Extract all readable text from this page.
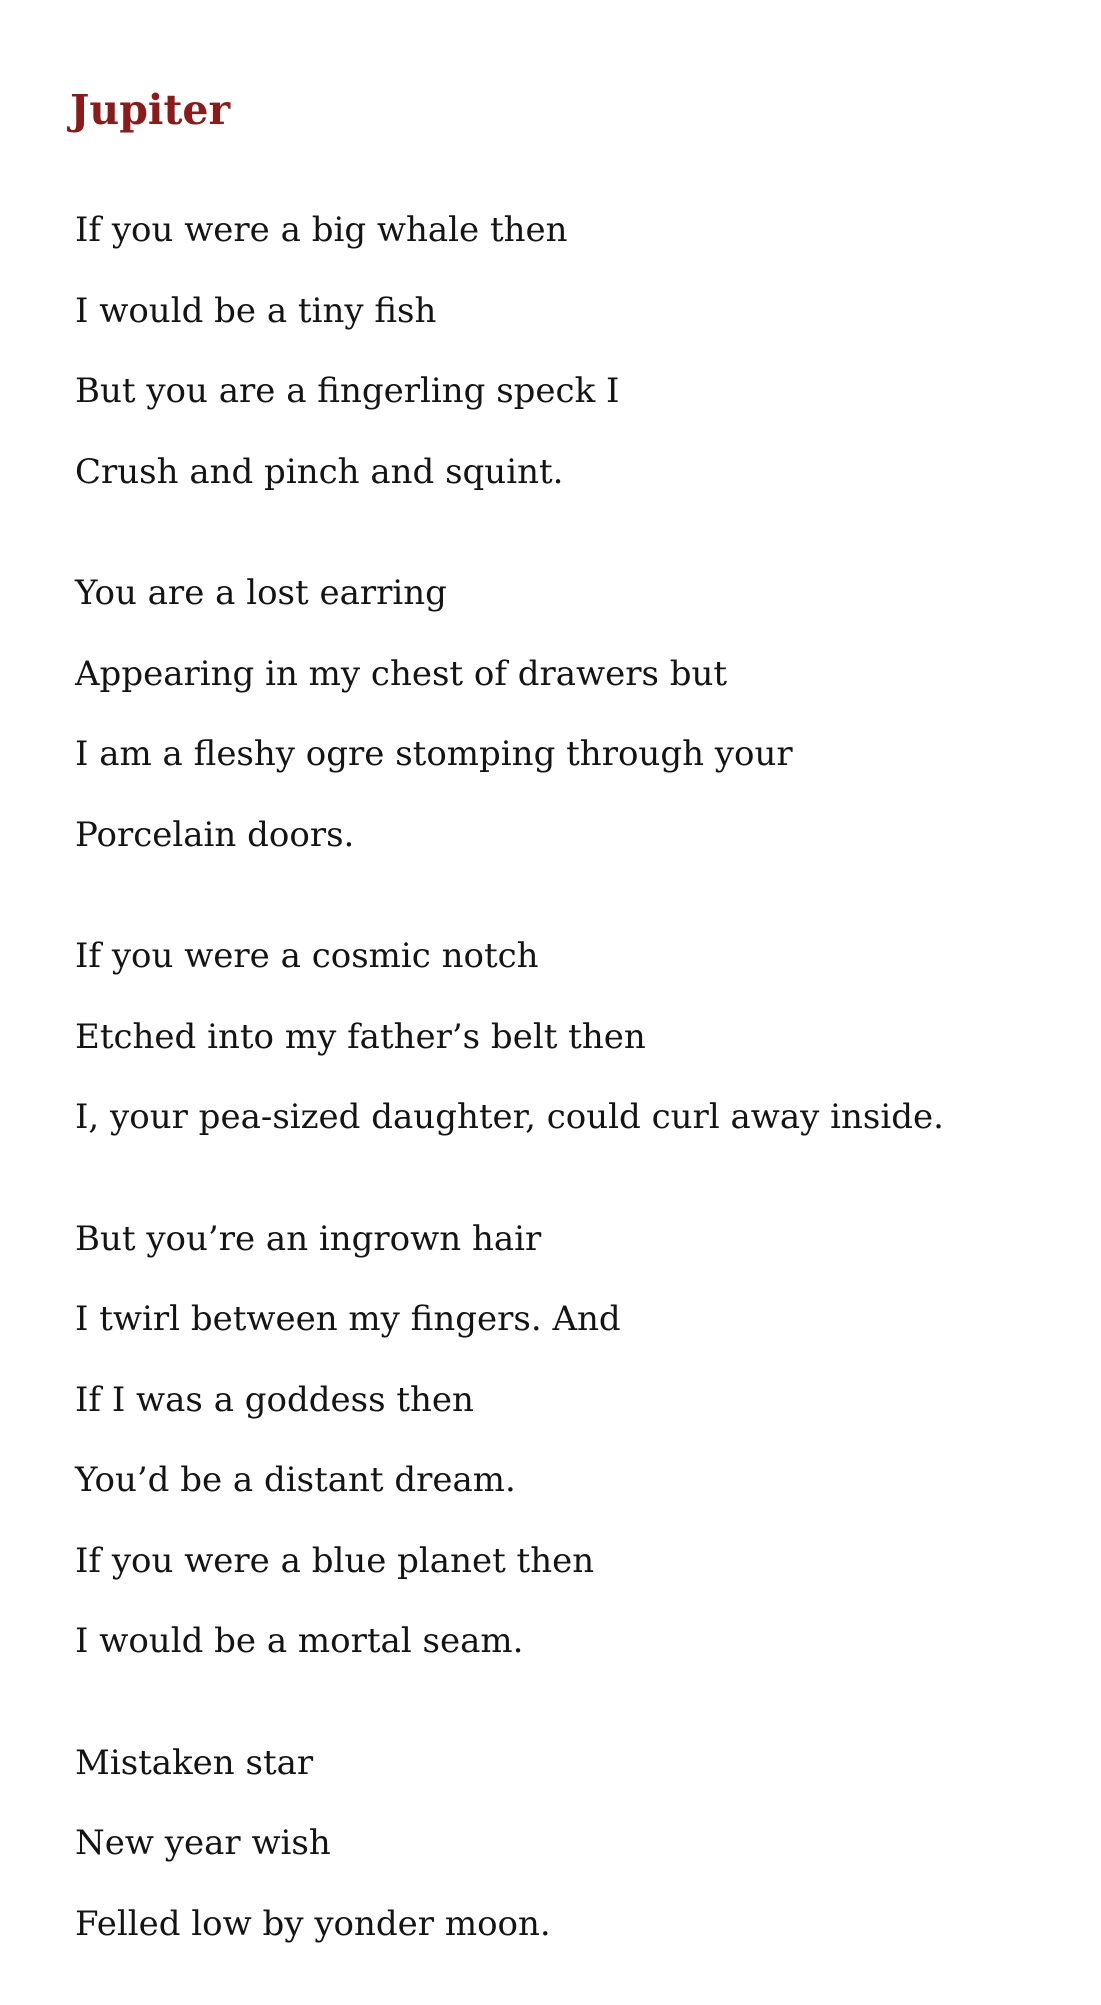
Jupiter
If you were a big whale then
I would be a tiny fish
But you are a fingerling speck I
Crush and pinch and squint.
You are a lost earring
Appearing in my chest of drawers but
I am a fleshy ogre stomping through your
Porcelain doors.
If you were a cosmic notch
Etched into my father’s belt then
I, your pea-sized daughter, could curl away inside.
But you’re an ingrown hair
I twirl between my fingers. And
If I was a goddess then
You’d be a distant dream.
If you were a blue planet then
I would be a mortal seam.
Mistaken star
New year wish
Felled low by yonder moon.
